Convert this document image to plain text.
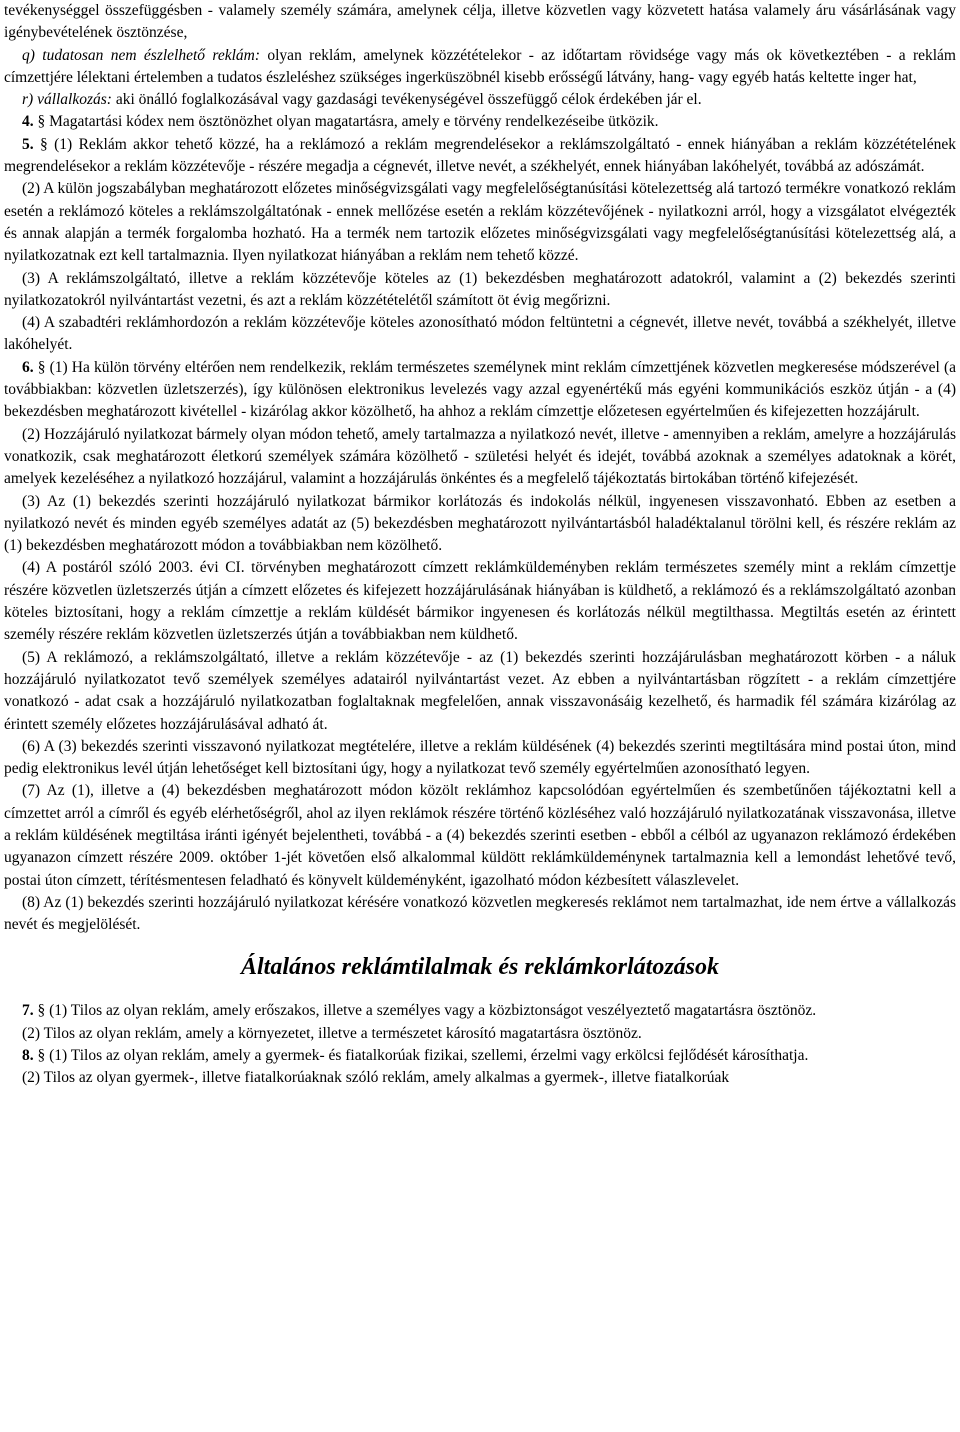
tevékenységgel összefüggésben - valamely személy számára, amelynek célja, illetve közvetlen vagy közvetett hatása valamely áru vásárlásának vagy igénybevételének ösztönzése,

q) tudatosan nem észlelhető reklám: olyan reklám, amelynek közzétételekor - az időtartam rövidsége vagy más ok következtében - a reklám címzettjére lélektani értelemben a tudatos észleléshez szükséges ingerküszöbnél kisebb erősségű látvány, hang- vagy egyéb hatás keltette inger hat,

r) vállalkozás: aki önálló foglalkozásával vagy gazdasági tevékenységével összefüggő célok érdekében jár el.

4. § Magatartási kódex nem ösztönözhet olyan magatartásra, amely e törvény rendelkezéseibe ütközik.

5. § (1) Reklám akkor tehető közzé, ha a reklámozó a reklám megrendelésekor a reklámszolgáltató - ennek hiányában a reklám közzétételének megrendelésekor a reklám közzétevője - részére megadja a cégnevét, illetve nevét, a székhelyét, ennek hiányában lakóhelyét, továbbá az adószámát.

(2) A külön jogszabályban meghatározott előzetes minőségvizsgálati vagy megfelelőségtanúsítási kötelezettség alá tartozó termékre vonatkozó reklám esetén a reklámozó köteles a reklámszolgáltatónak - ennek mellőzése esetén a reklám közzétevőjének - nyilatkozni arról, hogy a vizsgálatot elvégezték és annak alapján a termék forgalomba hozható. Ha a termék nem tartozik előzetes minőségvizsgálati vagy megfelelőségtanúsítási kötelezettség alá, a nyilatkozatnak ezt kell tartalmaznia. Ilyen nyilatkozat hiányában a reklám nem tehető közzé.

(3) A reklámszolgáltató, illetve a reklám közzétevője köteles az (1) bekezdésben meghatározott adatokról, valamint a (2) bekezdés szerinti nyilatkozatokról nyilvántartást vezetni, és azt a reklám közzétételétől számított öt évig megőrizni.

(4) A szabadtéri reklámhordozón a reklám közzétevője köteles azonosítható módon feltüntetni a cégnevét, illetve nevét, továbbá a székhelyét, illetve lakóhelyét.

6. § (1) Ha külön törvény eltérően nem rendelkezik, reklám természetes személynek mint reklám címzettjének közvetlen megkeresése módszerével (a továbbiakban: közvetlen üzletszerzés), így különösen elektronikus levelezés vagy azzal egyenértékű más egyéni kommunikációs eszköz útján - a (4) bekezdésben meghatározott kivétellel - kizárólag akkor közölhető, ha ahhoz a reklám címzettje előzetesen egyértelműen és kifejezetten hozzájárult.

(2) Hozzájáruló nyilatkozat bármely olyan módon tehető, amely tartalmazza a nyilatkozó nevét, illetve - amennyiben a reklám, amelyre a hozzájárulás vonatkozik, csak meghatározott életkorú személyek számára közölhető - születési helyét és idejét, továbbá azoknak a személyes adatoknak a körét, amelyek kezeléséhez a nyilatkozó hozzájárul, valamint a hozzájárulás önkéntes és a megfelelő tájékoztatás birtokában történő kifejezését.

(3) Az (1) bekezdés szerinti hozzájáruló nyilatkozat bármikor korlátozás és indokolás nélkül, ingyenesen visszavonható. Ebben az esetben a nyilatkozó nevét és minden egyéb személyes adatát az (5) bekezdésben meghatározott nyilvántartásból haladéktalanul törölni kell, és részére reklám az (1) bekezdésben meghatározott módon a továbbiakban nem közölhető.

(4) A postáról szóló 2003. évi CI. törvényben meghatározott címzett reklámküldeményben reklám természetes személy mint a reklám címzettje részére közvetlen üzletszerzés útján a címzett előzetes és kifejezett hozzájárulásának hiányában is küldhető, a reklámozó és a reklámszolgáltató azonban köteles biztosítani, hogy a reklám címzettje a reklám küldését bármikor ingyenesen és korlátozás nélkül megtilthassa. Megtiltás esetén az érintett személy részére reklám közvetlen üzletszerzés útján a továbbiakban nem küldhető.

(5) A reklámozó, a reklámszolgáltató, illetve a reklám közzétevője - az (1) bekezdés szerinti hozzájárulásban meghatározott körben - a náluk hozzájáruló nyilatkozatot tevő személyek személyes adatairól nyilvántartást vezet. Az ebben a nyilvántartásban rögzített - a reklám címzettjére vonatkozó - adat csak a hozzájáruló nyilatkozatban foglaltaknak megfelelően, annak visszavonásáig kezelhető, és harmadik fél számára kizárólag az érintett személy előzetes hozzájárulásával adható át.

(6) A (3) bekezdés szerinti visszavonó nyilatkozat megtételére, illetve a reklám küldésének (4) bekezdés szerinti megtiltására mind postai úton, mind pedig elektronikus levél útján lehetőséget kell biztosítani úgy, hogy a nyilatkozat tevő személy egyértelműen azonosítható legyen.

(7) Az (1), illetve a (4) bekezdésben meghatározott módon közölt reklámhoz kapcsolódóan egyértelműen és szembetűnően tájékoztatni kell a címzettet arról a címről és egyéb elérhetőségről, ahol az ilyen reklámok részére történő közléséhez való hozzájáruló nyilatkozatának visszavonása, illetve a reklám küldésének megtiltása iránti igényét bejelentheti, továbbá - a (4) bekezdés szerinti esetben - ebből a célból az ugyanazon reklámozó érdekében ugyanazon címzett részére 2009. október 1-jét követően első alkalommal küldött reklámküldeménynek tartalmaznia kell a lemondást lehetővé tevő, postai úton címzett, térítésmentesen feladható és könyvelt küldeményként, igazolható módon kézbesített válaszlevelet.

(8) Az (1) bekezdés szerinti hozzájáruló nyilatkozat kérésére vonatkozó közvetlen megkeresés reklámot nem tartalmazhat, ide nem értve a vállalkozás nevét és megjelölését.

Általános reklámtilalmak és reklámkorlátozások

7. § (1) Tilos az olyan reklám, amely erőszakos, illetve a személyes vagy a közbiztonságot veszélyeztető magatartásra ösztönöz.

(2) Tilos az olyan reklám, amely a környezetet, illetve a természetet károsító magatartásra ösztönöz.

8. § (1) Tilos az olyan reklám, amely a gyermek- és fiatalkorúak fizikai, szellemi, érzelmi vagy erkölcsi fejlődését károsíthatja.

(2) Tilos az olyan gyermek-, illetve fiatalkorúaknak szóló reklám, amely alkalmas a gyermek-, illetve fiatalkorúak
